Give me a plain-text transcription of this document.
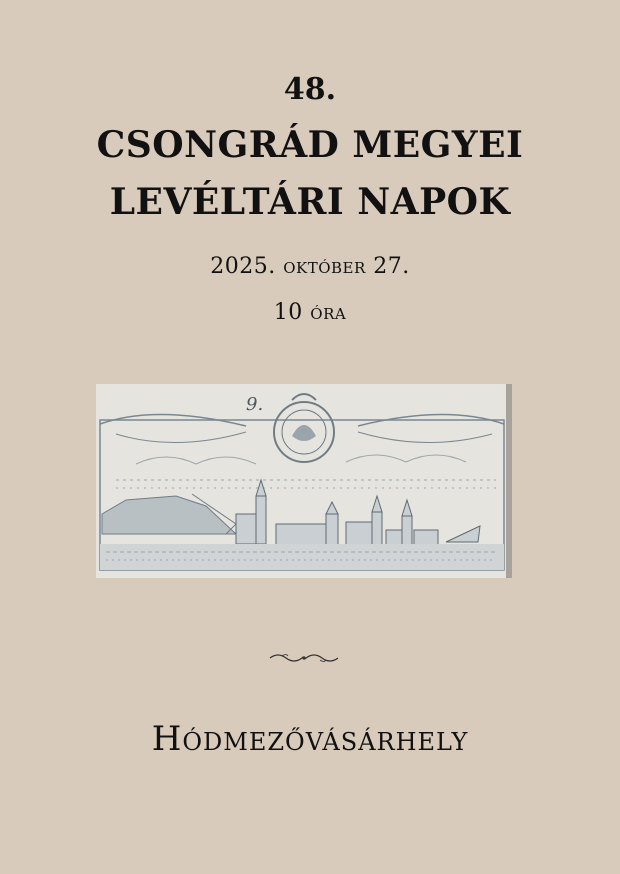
48.
CSONGRÁD MEGYEI
LEVÉLTÁRI NAPOK
2025. október 27.
10 óra
9.
Hódmezővásárhely
